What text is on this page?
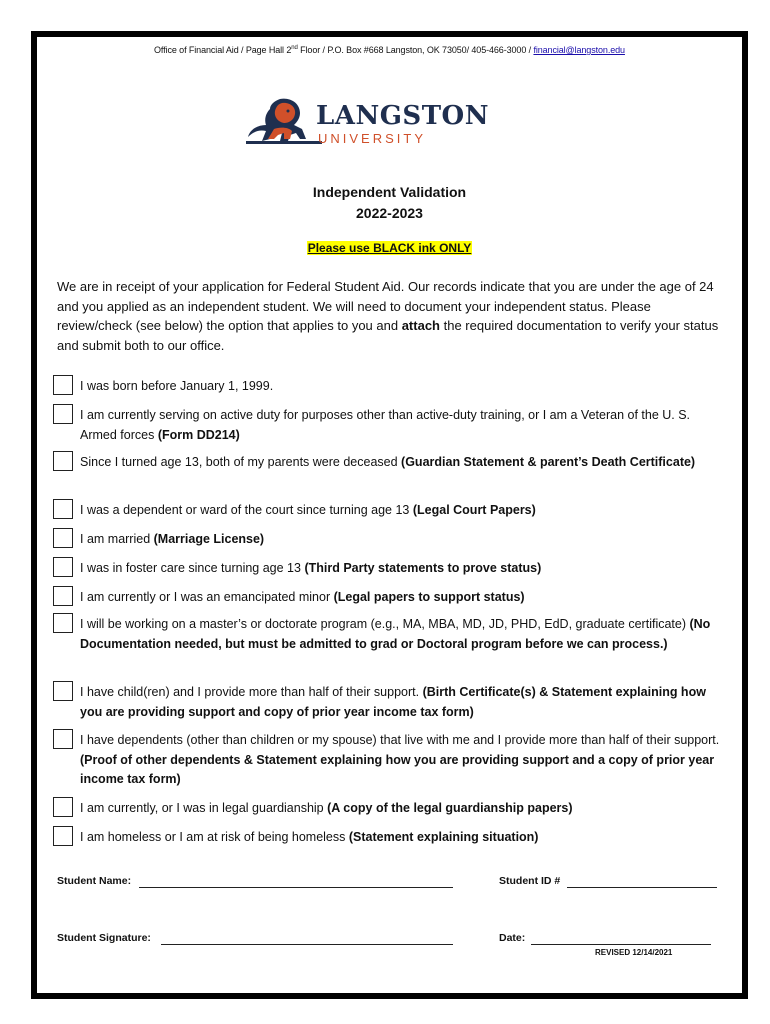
Office of Financial Aid / Page Hall 2nd Floor / P.O. Box #668 Langston, OK 73050/ 405-466-3000 / financial@langston.edu
LANGSTON
UNIVERSITY
Independent Validation
2022-2023
Please use BLACK ink ONLY
We are in receipt of your application for Federal Student Aid. Our records indicate that you are under the age of 24 and you applied as an independent student. We will need to document your independent status. Please review/check (see below) the option that applies to you and attach the required documentation to verify your status and submit both to our office.
I was born before January 1, 1999.
I am currently serving on active duty for purposes other than active-duty training, or I am a Veteran of the U. S. Armed forces (Form DD214)
Since I turned age 13, both of my parents were deceased (Guardian Statement & parent’s Death Certificate)
I was a dependent or ward of the court since turning age 13 (Legal Court Papers)
I am married (Marriage License)
I was in foster care since turning age 13 (Third Party statements to prove status)
I am currently or I was an emancipated minor (Legal papers to support status)
I will be working on a master’s or doctorate program (e.g., MA, MBA, MD, JD, PHD, EdD, graduate certificate) (No Documentation needed, but must be admitted to grad or Doctoral program before we can process.)
I have child(ren) and I provide more than half of their support. (Birth Certificate(s) & Statement explaining how you are providing support and copy of prior year income tax form)
I have dependents (other than children or my spouse) that live with me and I provide more than half of their support. (Proof of other dependents & Statement explaining how you are providing support and a copy of prior year income tax form)
I am currently, or I was in legal guardianship (A copy of the legal guardianship papers)
I am homeless or I am at risk of being homeless (Statement explaining situation)
Student Name:	Student ID #
Student Signature:	Date:
REVISED 12/14/2021
